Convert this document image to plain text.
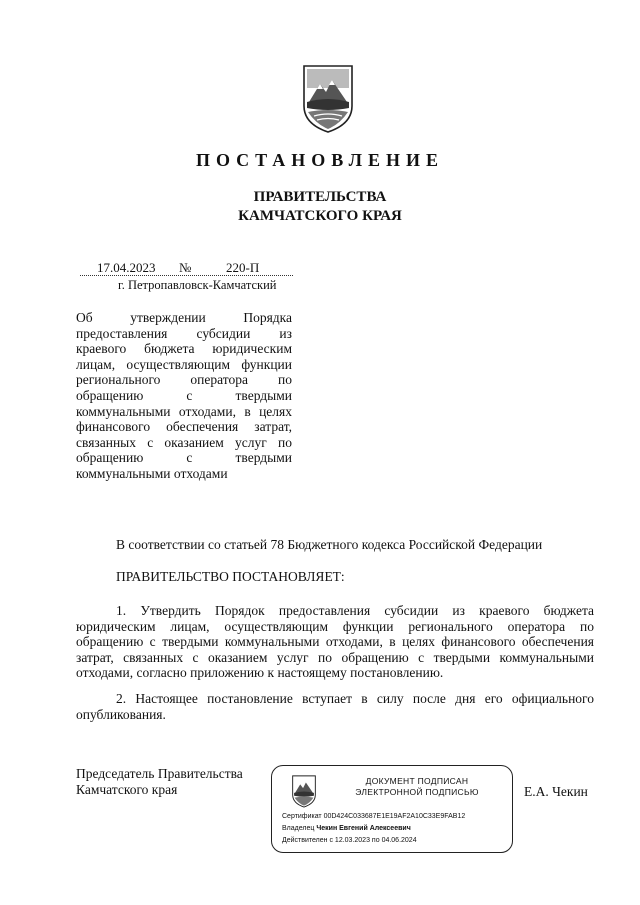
ПОСТАНОВЛЕНИЕ
ПРАВИТЕЛЬСТВА
КАМЧАТСКОГО КРАЯ
17.04.2023 №	220-П
г. Петропавловск-Камчатский
Об утверждении Порядка предоставления субсидии из краевого бюджета юридическим лицам, осуществляющим функции регионального оператора по обращению с твердыми коммунальными отходами, в целях финансового обеспечения затрат, связанных с оказанием услуг по обращению с твердыми коммунальными отходами
В соответствии со статьей 78 Бюджетного кодекса Российской Федерации
ПРАВИТЕЛЬСТВО ПОСТАНОВЛЯЕТ:
1. Утвердить Порядок предоставления субсидии из краевого бюджета юридическим лицам, осуществляющим функции регионального оператора по обращению с твердыми коммунальными отходами, в целях финансового обеспечения затрат, связанных с оказанием услуг по обращению с твердыми коммунальными отходами, согласно приложению к настоящему постановлению.
2. Настоящее постановление вступает в силу после дня его официального опубликования.
Председатель Правительства
Камчатского края
ДОКУМЕНТ ПОДПИСАН
ЭЛЕКТРОННОЙ ПОДПИСЬЮ
Сертификат 00D424C033687E1E19AF2A10C33E9FAB12
Владелец Чекин Евгений Алексеевич
Действителен с 12.03.2023 по 04.06.2024
Е.А. Чекин
